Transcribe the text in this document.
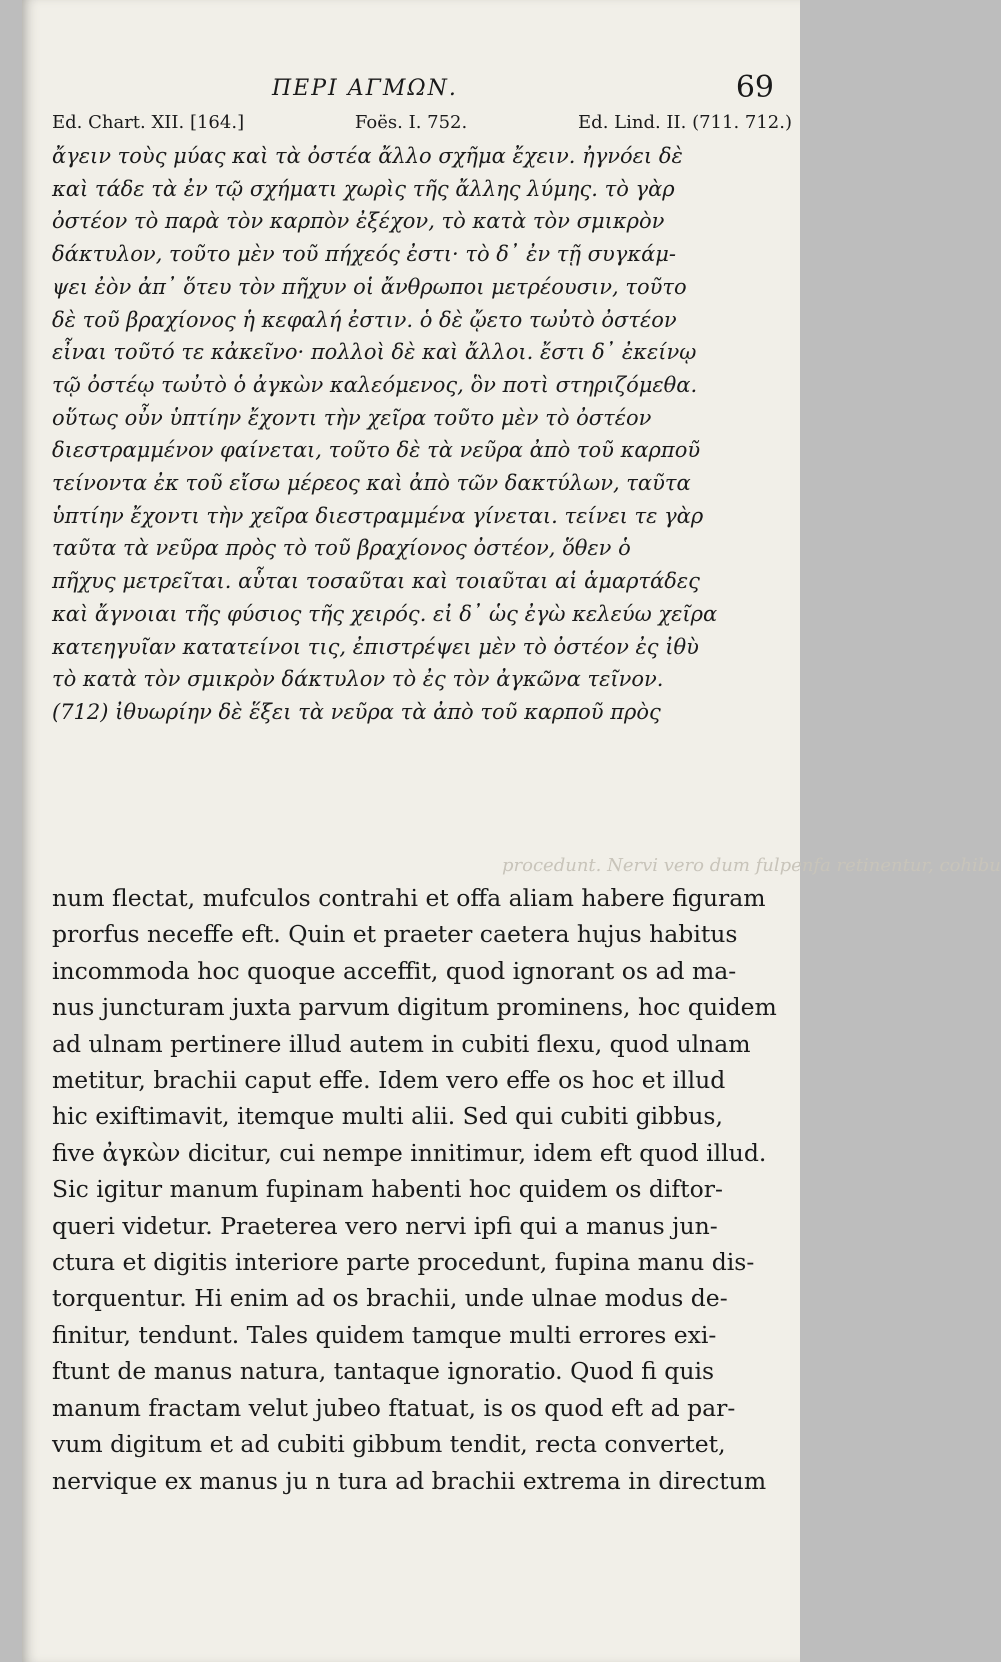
ΠΕΡΙ ΑΓΜΩΝ.	69
Ed. Chart. XII. [164.]	Foës. I. 752.	Ed. Lind. II. (711. 712.)

ἄγειν τοὺς μύας καὶ τὰ ὀστέα ἄλλο σχῆμα ἔχειν. ἠγνόει δὲ
καὶ τάδε τὰ ἐν τῷ σχήματι χωρὶς τῆς ἄλλης λύμης. τὸ γὰρ
ὀστέον τὸ παρὰ τὸν καρπὸν ἐξέχον, τὸ κατὰ τὸν σμικρὸν
δάκτυλον, τοῦτο μὲν τοῦ πήχεός ἐστι· τὸ δ᾽ ἐν τῇ συγκάμ-
ψει ἐὸν ἀπ᾽ ὅτευ τὸν πῆχυν οἱ ἄνθρωποι μετρέουσιν, τοῦτο
δὲ τοῦ βραχίονος ἡ κεφαλή ἐστιν. ὁ δὲ ᾤετο τωὐτὸ ὀστέον
εἶναι τοῦτό τε κἀκεῖνο· πολλοὶ δὲ καὶ ἄλλοι. ἔστι δ᾽ ἐκείνῳ
τῷ ὀστέῳ τωὐτὸ ὁ ἀγκὼν καλεόμενος, ὃν ποτὶ στηριζόμεθα.
οὕτως οὖν ὑπτίην ἔχοντι τὴν χεῖρα τοῦτο μὲν τὸ ὀστέον
διεστραμμένον φαίνεται, τοῦτο δὲ τὰ νεῦρα ἀπὸ τοῦ καρποῦ
τείνοντα ἐκ τοῦ εἴσω μέρεος καὶ ἀπὸ τῶν δακτύλων, ταῦτα
ὑπτίην ἔχοντι τὴν χεῖρα διεστραμμένα γίνεται. τείνει τε γὰρ
ταῦτα τὰ νεῦρα πρὸς τὸ τοῦ βραχίονος ὀστέον, ὅθεν ὁ
πῆχυς μετρεῖται. αὗται τοσαῦται καὶ τοιαῦται αἱ ἁμαρτάδες
καὶ ἄγνοιαι τῆς φύσιος τῆς χειρός. εἰ δ᾽ ὡς ἐγὼ κελεύω χεῖρα
κατεηγυῖαν κατατείνοι τις, ἐπιστρέψει μὲν τὸ ὀστέον ἐς ἰθὺ
τὸ κατὰ τὸν σμικρὸν δάκτυλον τὸ ἐς τὸν ἀγκῶνα τεῖνον.
(712) ἰθυωρίην δὲ ἕξει τὰ νεῦρα τὰ ἀπὸ τοῦ καρποῦ πρὸς

procedunt. Nervi vero dum fulpenfa retinentur, cohibu

num flectat, mufculos contrahi et offa aliam habere figuram
prorfus neceffe eft. Quin et praeter caetera hujus habitus
incommoda hoc quoque acceffit, quod ignorant os ad ma-
nus juncturam juxta parvum digitum prominens, hoc quidem
ad ulnam pertinere illud autem in cubiti flexu, quod ulnam
metitur, brachii caput effe. Idem vero effe os hoc et illud
hic exiftimavit, itemque multi alii. Sed qui cubiti gibbus,
five ἀγκὼν dicitur, cui nempe innitimur, idem eft quod illud.
Sic igitur manum fupinam habenti hoc quidem os diftor-
queri videtur. Praeterea vero nervi ipfi qui a manus jun-
ctura et digitis interiore parte procedunt, fupina manu dis-
torquentur. Hi enim ad os brachii, unde ulnae modus de-
finitur, tendunt. Tales quidem tamque multi errores exi-
ftunt de manus natura, tantaque ignoratio. Quod fi quis
manum fractam velut jubeo ftatuat, is os quod eft ad par-
vum digitum et ad cubiti gibbum tendit, recta convertet,
nervique ex manus ju n tura ad brachii extrema in directum
